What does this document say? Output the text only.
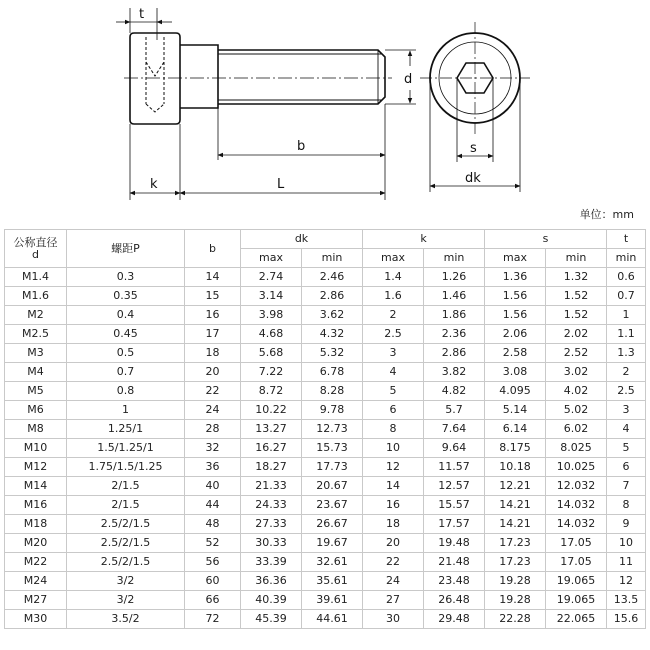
t
d
b
k	L
s
dk
单位：mm
公称直径
d	螺距P	b	dk		k		s		t
			max	min	max	min	max	min	min
M1.4	0.3	14	2.74	2.46	1.4	1.26	1.36	1.32	0.6
M1.6	0.35	15	3.14	2.86	1.6	1.46	1.56	1.52	0.7
M2	0.4	16	3.98	3.62	2	1.86	1.56	1.52	1
M2.5	0.45	17	4.68	4.32	2.5	2.36	2.06	2.02	1.1
M3	0.5	18	5.68	5.32	3	2.86	2.58	2.52	1.3
M4	0.7	20	7.22	6.78	4	3.82	3.08	3.02	2
M5	0.8	22	8.72	8.28	5	4.82	4.095	4.02	2.5
M6	1	24	10.22	9.78	6	5.7	5.14	5.02	3
M8	1.25/1	28	13.27	12.73	8	7.64	6.14	6.02	4
M10	1.5/1.25/1	32	16.27	15.73	10	9.64	8.175	8.025	5
M12	1.75/1.5/1.25	36	18.27	17.73	12	11.57	10.18	10.025	6
M14	2/1.5	40	21.33	20.67	14	12.57	12.21	12.032	7
M16	2/1.5	44	24.33	23.67	16	15.57	14.21	14.032	8
M18	2.5/2/1.5	48	27.33	26.67	18	17.57	14.21	14.032	9
M20	2.5/2/1.5	52	30.33	19.67	20	19.48	17.23	17.05	10
M22	2.5/2/1.5	56	33.39	32.61	22	21.48	17.23	17.05	11
M24	3/2	60	36.36	35.61	24	23.48	19.28	19.065	12
M27	3/2	66	40.39	39.61	27	26.48	19.28	19.065	13.5
M30	3.5/2	72	45.39	44.61	30	29.48	22.28	22.065	15.6
